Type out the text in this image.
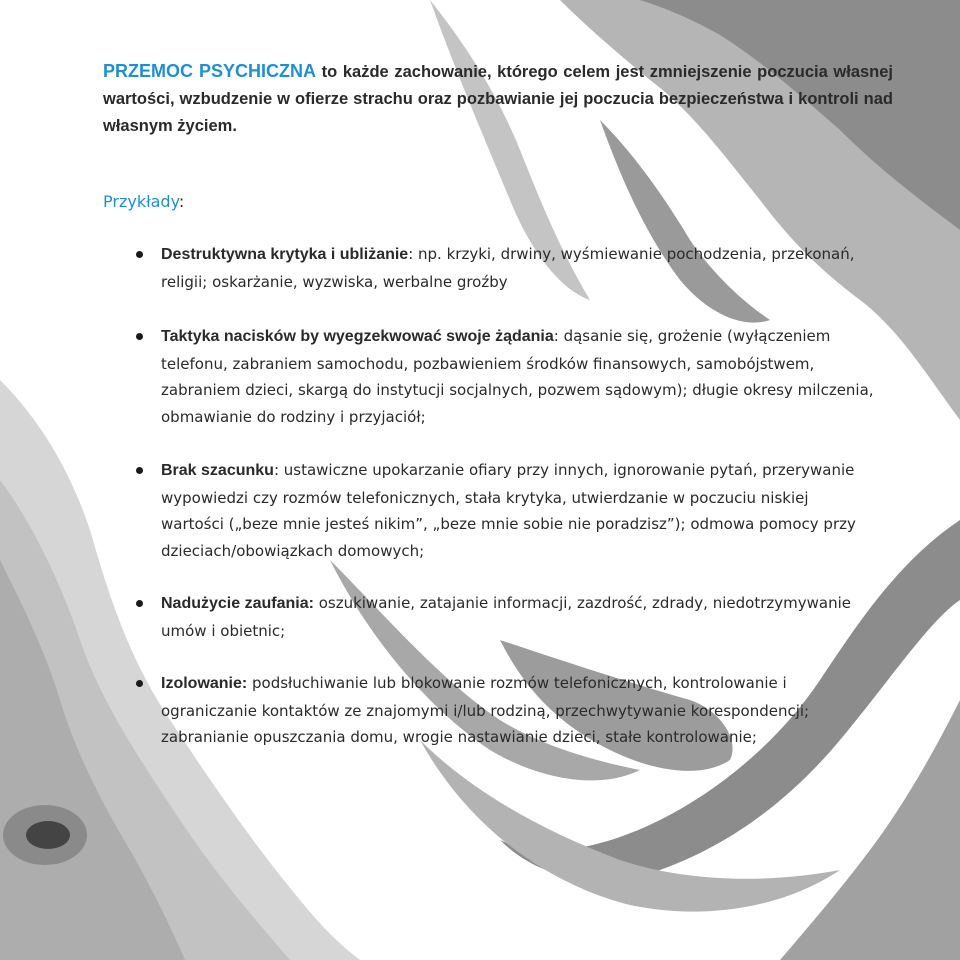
PRZEMOC PSYCHICZNA to każde zachowanie, którego celem jest zmniejszenie poczucia własnej wartości, wzbudzenie w ofierze strachu oraz pozbawianie jej poczucia bezpieczeństwa i kontroli nad własnym życiem.

Przykłady:
Destruktywna krytyka i ubliżanie: np. krzyki, drwiny, wyśmiewanie pochodzenia, przekonań, religii; oskarżanie, wyzwiska, werbalne groźby
Taktyka nacisków by wyegzekwować swoje żądania: dąsanie się, grożenie (wyłączeniem telefonu, zabraniem samochodu, pozbawieniem środków finansowych, samobójstwem, zabraniem dzieci, skargą do instytucji socjalnych, pozwem sądowym); długie okresy milczenia, obmawianie do rodziny i przyjaciół;
Brak szacunku: ustawiczne upokarzanie ofiary przy innych, ignorowanie pytań, przerywanie wypowiedzi czy rozmów telefonicznych, stała krytyka, utwierdzanie w poczuciu niskiej wartości („beze mnie jesteś nikim”, „beze mnie sobie nie poradzisz”); odmowa pomocy przy dzieciach/obowiązkach domowych;
Nadużycie zaufania: oszukiwanie, zatajanie informacji, zazdrość, zdrady, niedotrzymywanie umów i obietnic;
Izolowanie: podsłuchiwanie lub blokowanie rozmów telefonicznych, kontrolowanie i ograniczanie kontaktów ze znajomymi i/lub rodziną, przechwytywanie korespondencji; zabranianie opuszczania domu, wrogie nastawianie dzieci, stałe kontrolowanie;
